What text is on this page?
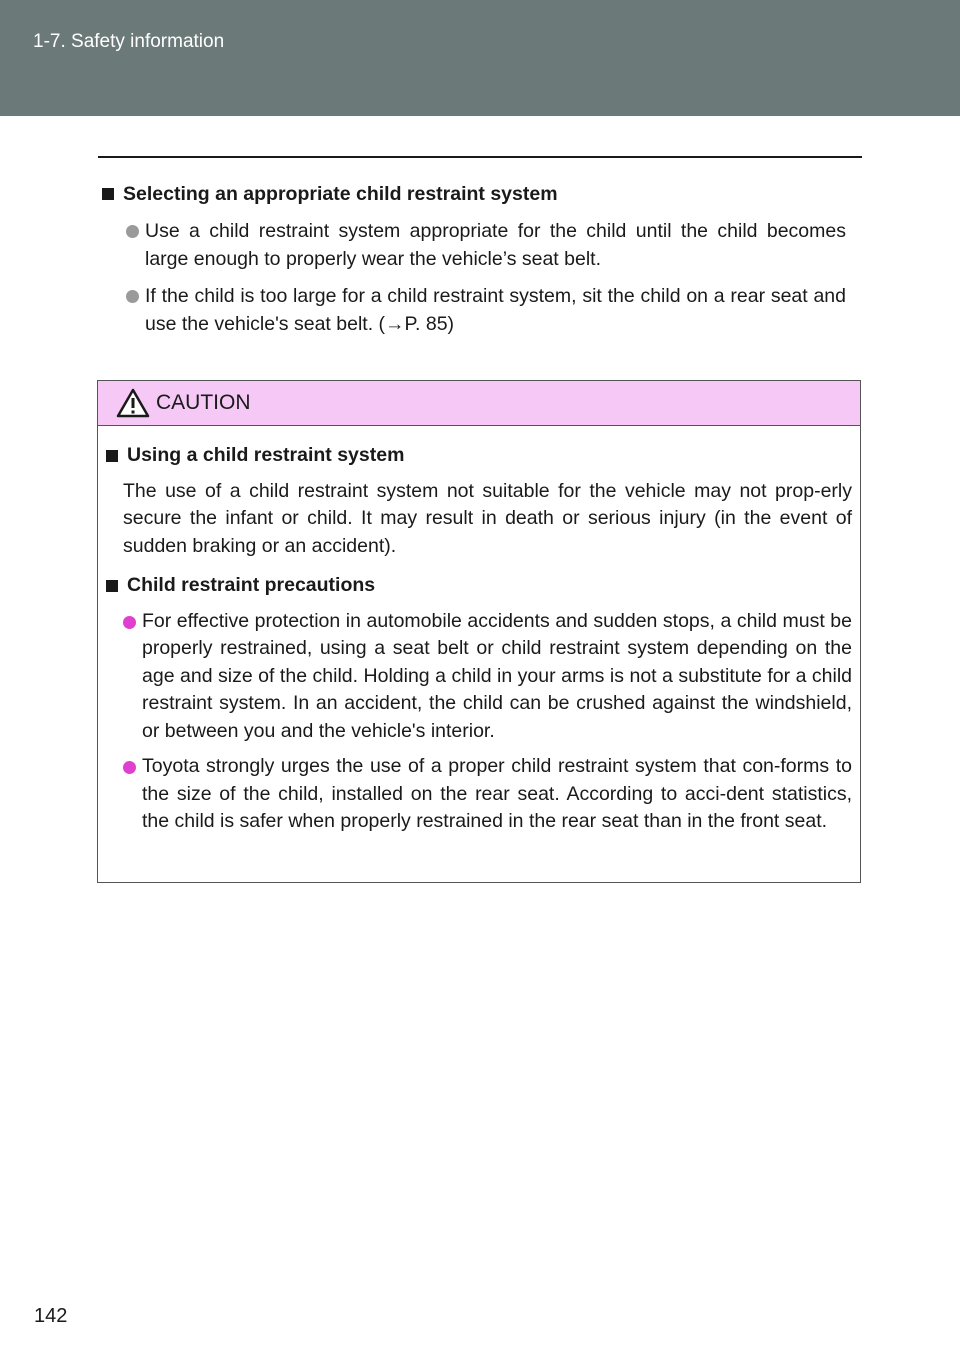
1-7. Safety information
Selecting an appropriate child restraint system
Use a child restraint system appropriate for the child until the child becomes large enough to properly wear the vehicle’s seat belt.
If the child is too large for a child restraint system, sit the child on a rear seat and use the vehicle's seat belt. (→P. 85)
CAUTION
Using a child restraint system
The use of a child restraint system not suitable for the vehicle may not prop-erly secure the infant or child. It may result in death or serious injury (in the event of sudden braking or an accident).
Child restraint precautions
For effective protection in automobile accidents and sudden stops, a child must be properly restrained, using a seat belt or child restraint system depending on the age and size of the child. Holding a child in your arms is not a substitute for a child restraint system. In an accident, the child can be crushed against the windshield, or between you and the vehicle's interior.
Toyota strongly urges the use of a proper child restraint system that con-forms to the size of the child, installed on the rear seat. According to acci-dent statistics, the child is safer when properly restrained in the rear seat than in the front seat.
142
